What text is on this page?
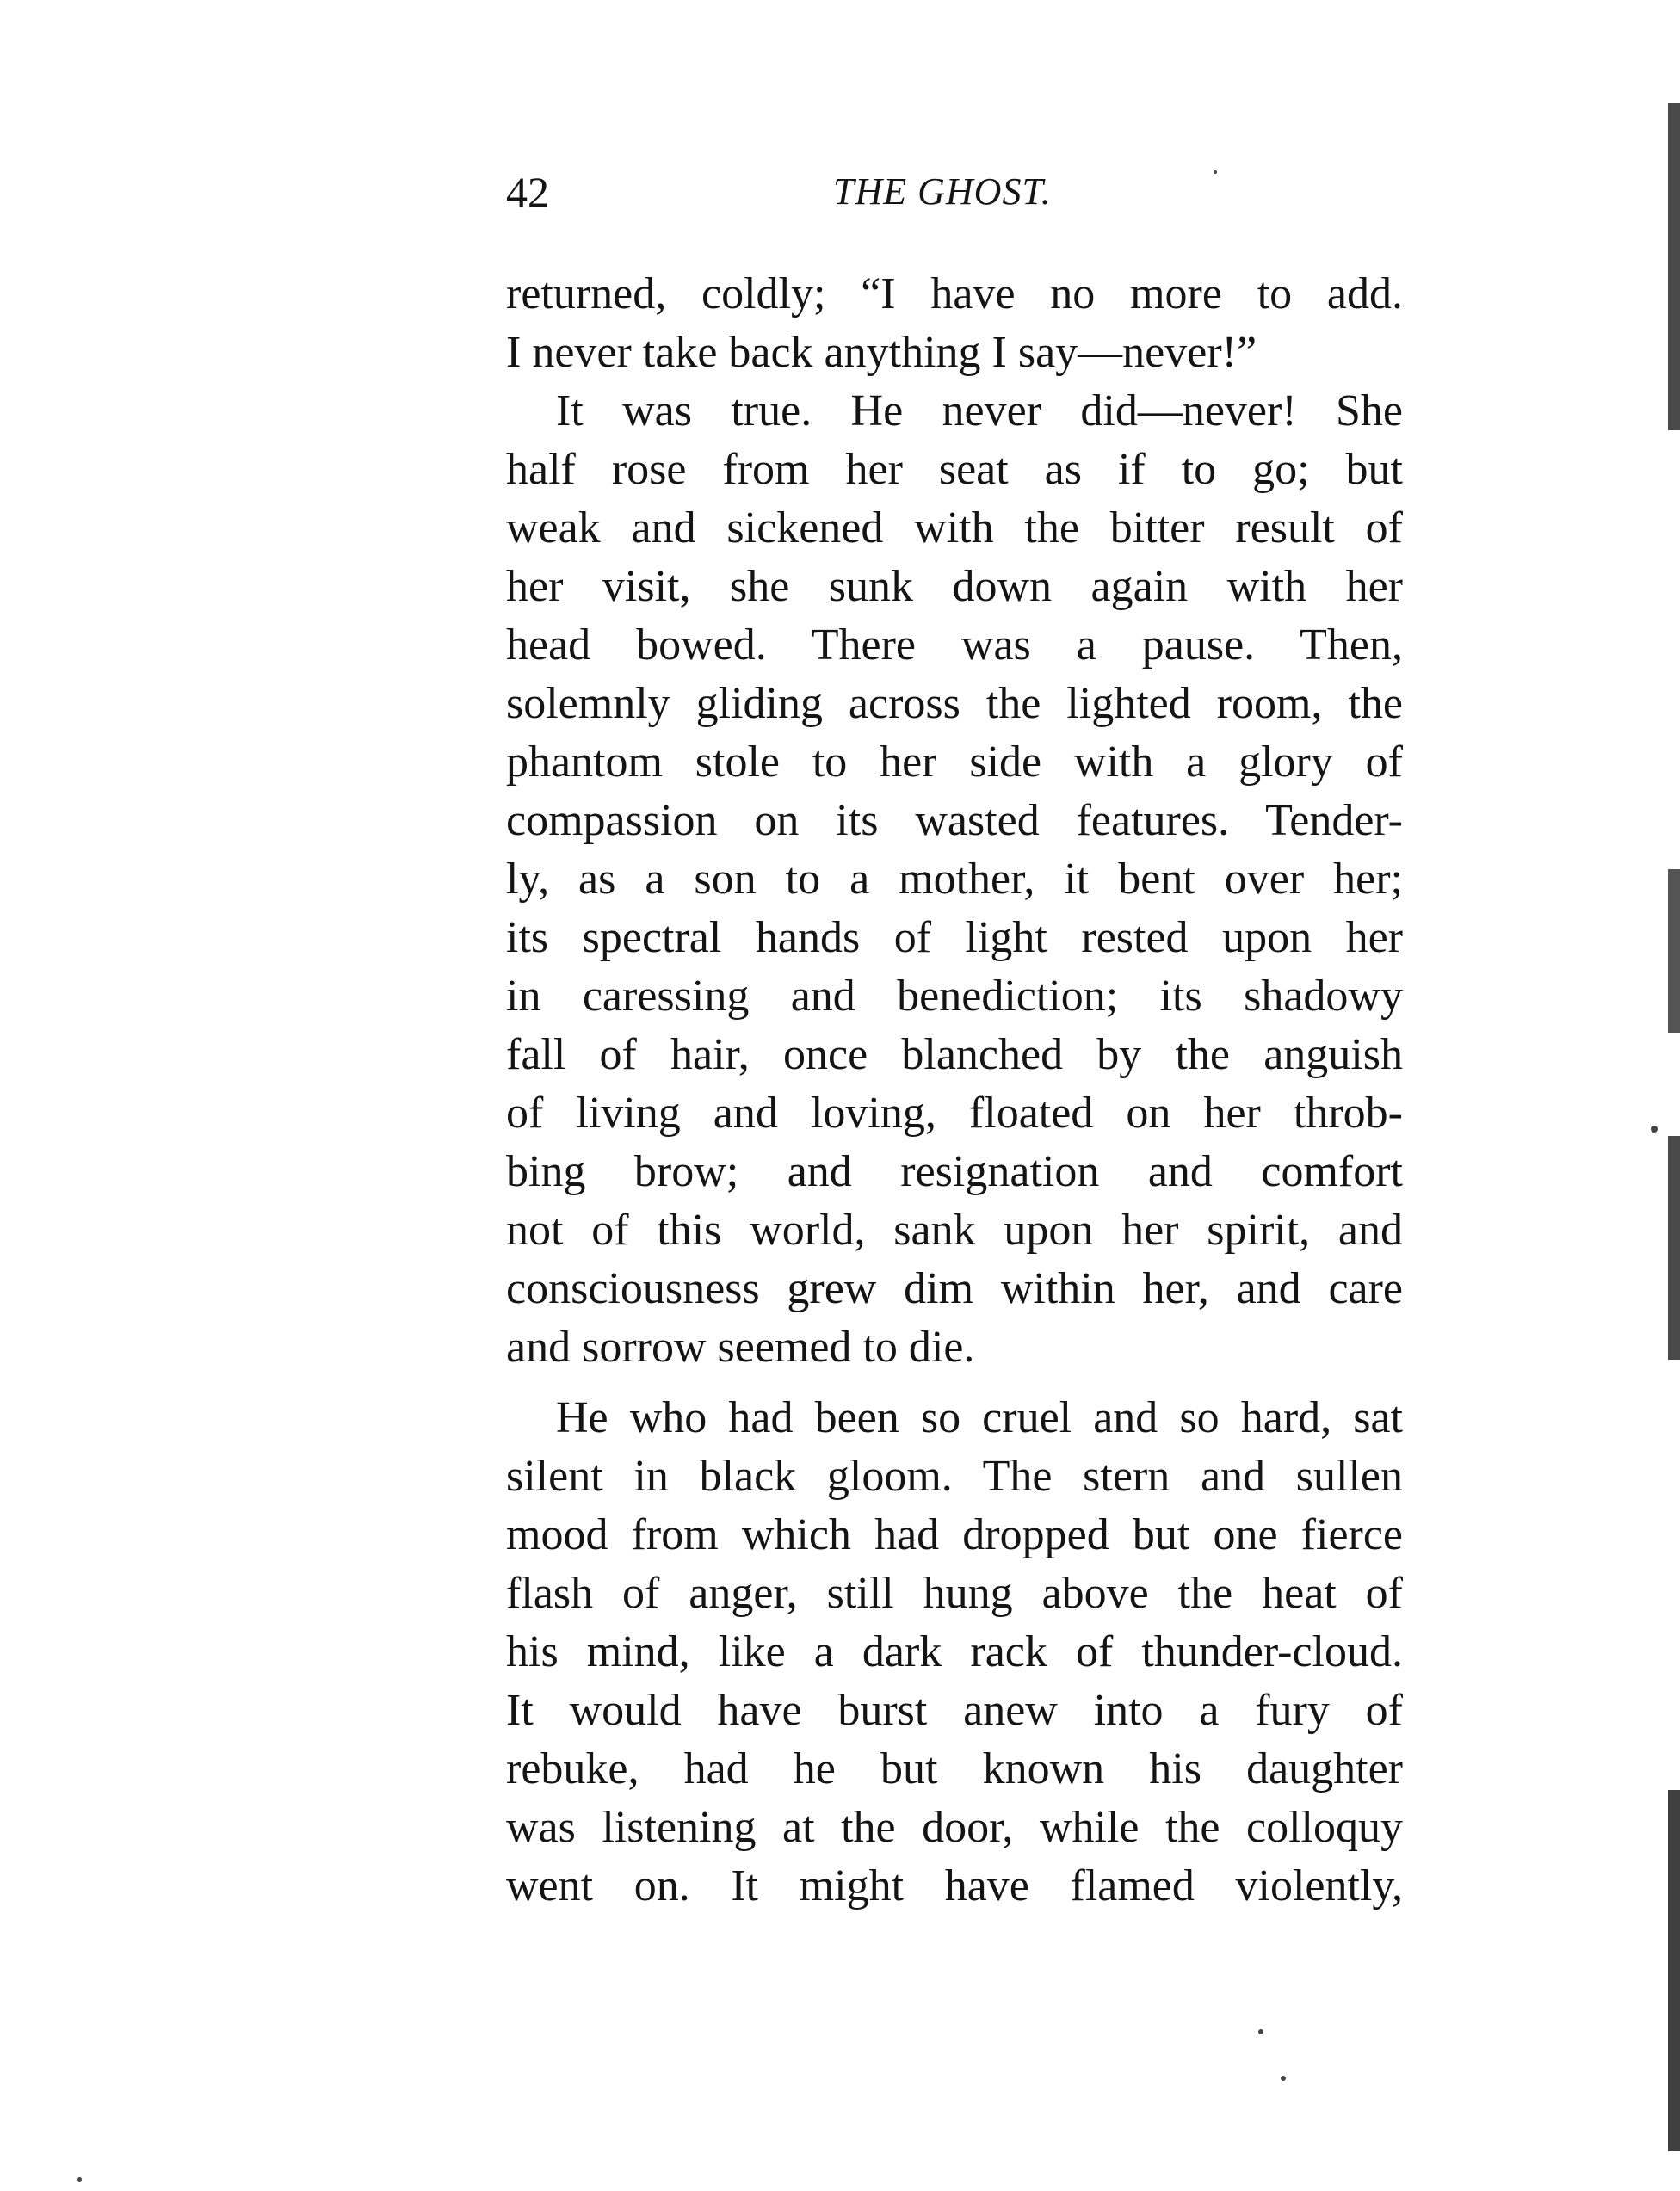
42	THE GHOST.
returned, coldly; “I have no more to add.
I never take back anything I say—never!”
It was true. He never did—never! She
half rose from her seat as if to go; but
weak and sickened with the bitter result of
her visit, she sunk down again with her
head bowed. There was a pause. Then,
solemnly gliding across the lighted room, the
phantom stole to her side with a glory of
compassion on its wasted features. Tender-
ly, as a son to a mother, it bent over her;
its spectral hands of light rested upon her
in caressing and benediction; its shadowy
fall of hair, once blanched by the anguish
of living and loving, floated on her throb-
bing brow; and resignation and comfort
not of this world, sank upon her spirit, and
consciousness grew dim within her, and care
and sorrow seemed to die.
He who had been so cruel and so hard, sat
silent in black gloom. The stern and sullen
mood from which had dropped but one fierce
flash of anger, still hung above the heat of
his mind, like a dark rack of thunder-cloud.
It would have burst anew into a fury of
rebuke, had he but known his daughter
was listening at the door, while the colloquy
went on. It might have flamed violently,
